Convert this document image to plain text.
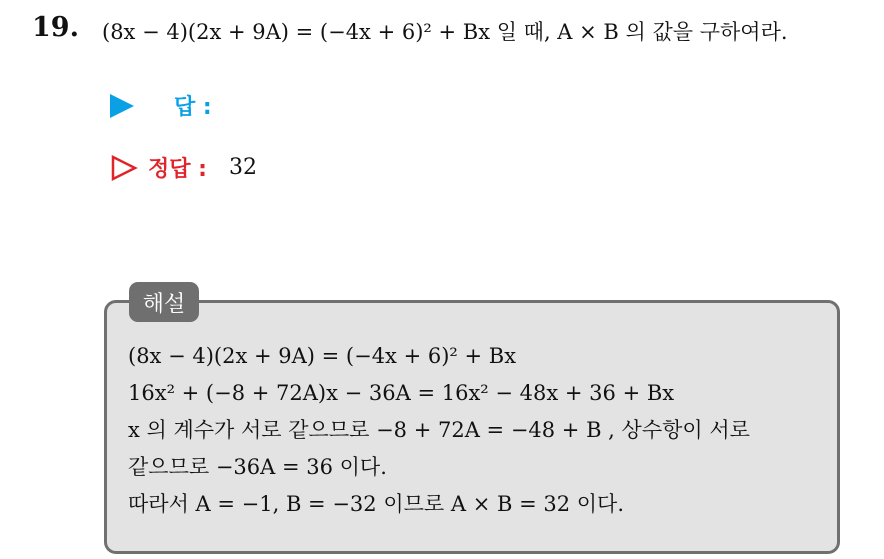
19. (8x − 4)(2x + 9A) = (−4x + 6)² + Bx 일 때, A × B 의 값을 구하여라.
답 :
정답 : 32
해설
(8x − 4)(2x + 9A) = (−4x + 6)² + Bx
16x² + (−8 + 72A)x − 36A = 16x² − 48x + 36 + Bx
x 의 계수가 서로 같으므로 −8 + 72A = −48 + B , 상수항이 서로
같으므로 −36A = 36 이다.
따라서 A = −1, B = −32 이므로 A × B = 32 이다.
